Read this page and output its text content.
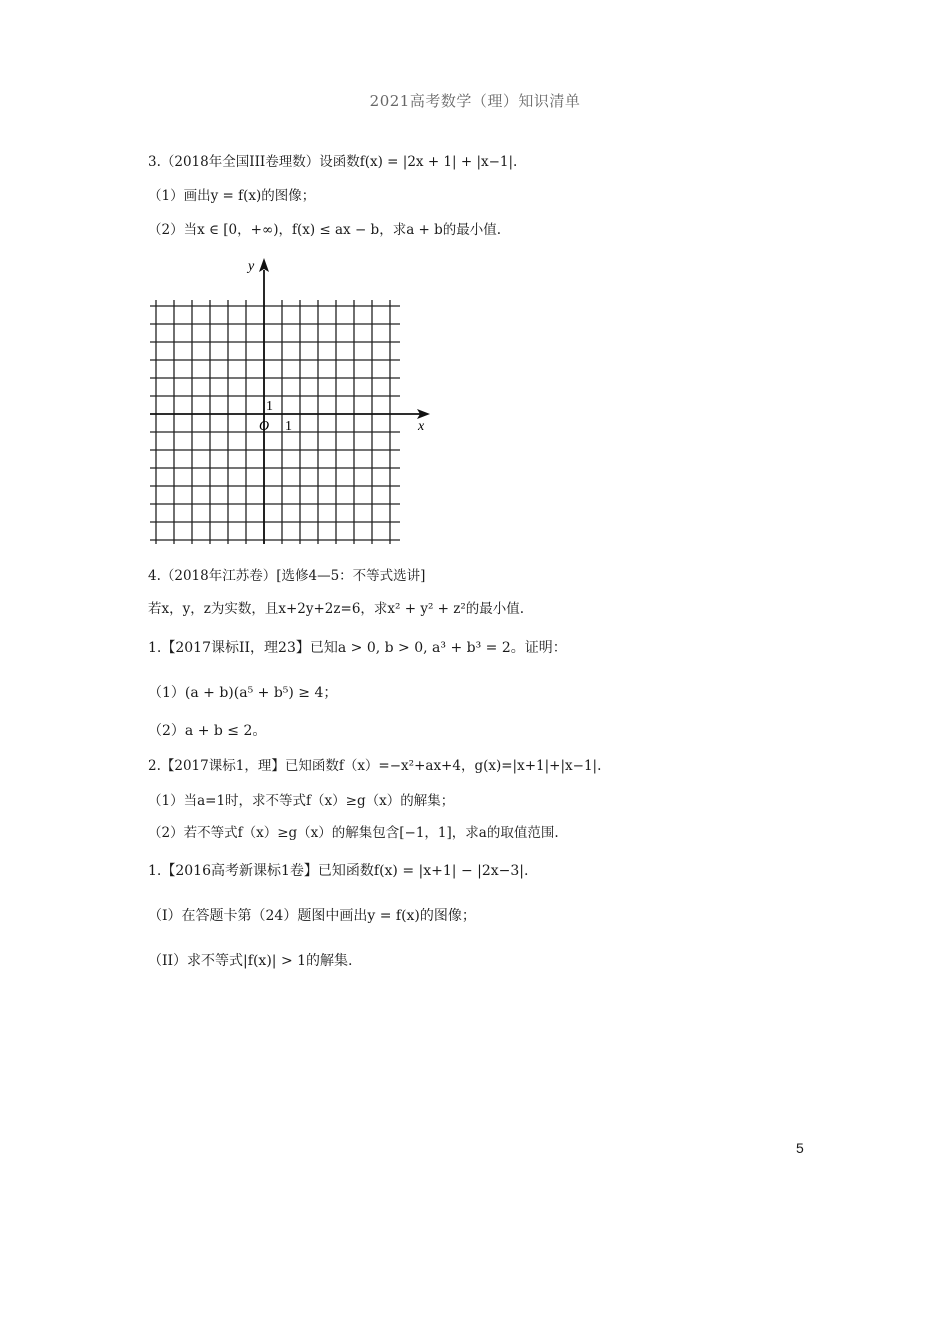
2021高考数学（理）知识清单
3.（2018年全国III卷理数）设函数f(x) = |2x + 1| + |x−1|.
（1）画出y = f(x)的图像；
（2）当x ∈ [0，+∞)，f(x) ≤ ax − b，求a + b的最小值.
y
x
O 1
1
4.（2018年江苏卷）[选修4—5：不等式选讲]
若x，y，z为实数，且x+2y+2z=6，求x² + y² + z²的最小值.
1.【2017课标II，理23】已知a > 0, b > 0, a³ + b³ = 2。证明：
（1）(a + b)(a⁵ + b⁵) ≥ 4；
（2）a + b ≤ 2。
2.【2017课标1，理】已知函数f（x）=−x²+ax+4，g(x)=|x+1|+|x−1|.
（1）当a=1时，求不等式f（x）≥g（x）的解集；
（2）若不等式f（x）≥g（x）的解集包含[−1，1]，求a的取值范围.
1.【2016高考新课标1卷】已知函数f(x) = |x+1| − |2x−3|.
（I）在答题卡第（24）题图中画出y = f(x)的图像；
（II）求不等式|f(x)| > 1的解集.
5
